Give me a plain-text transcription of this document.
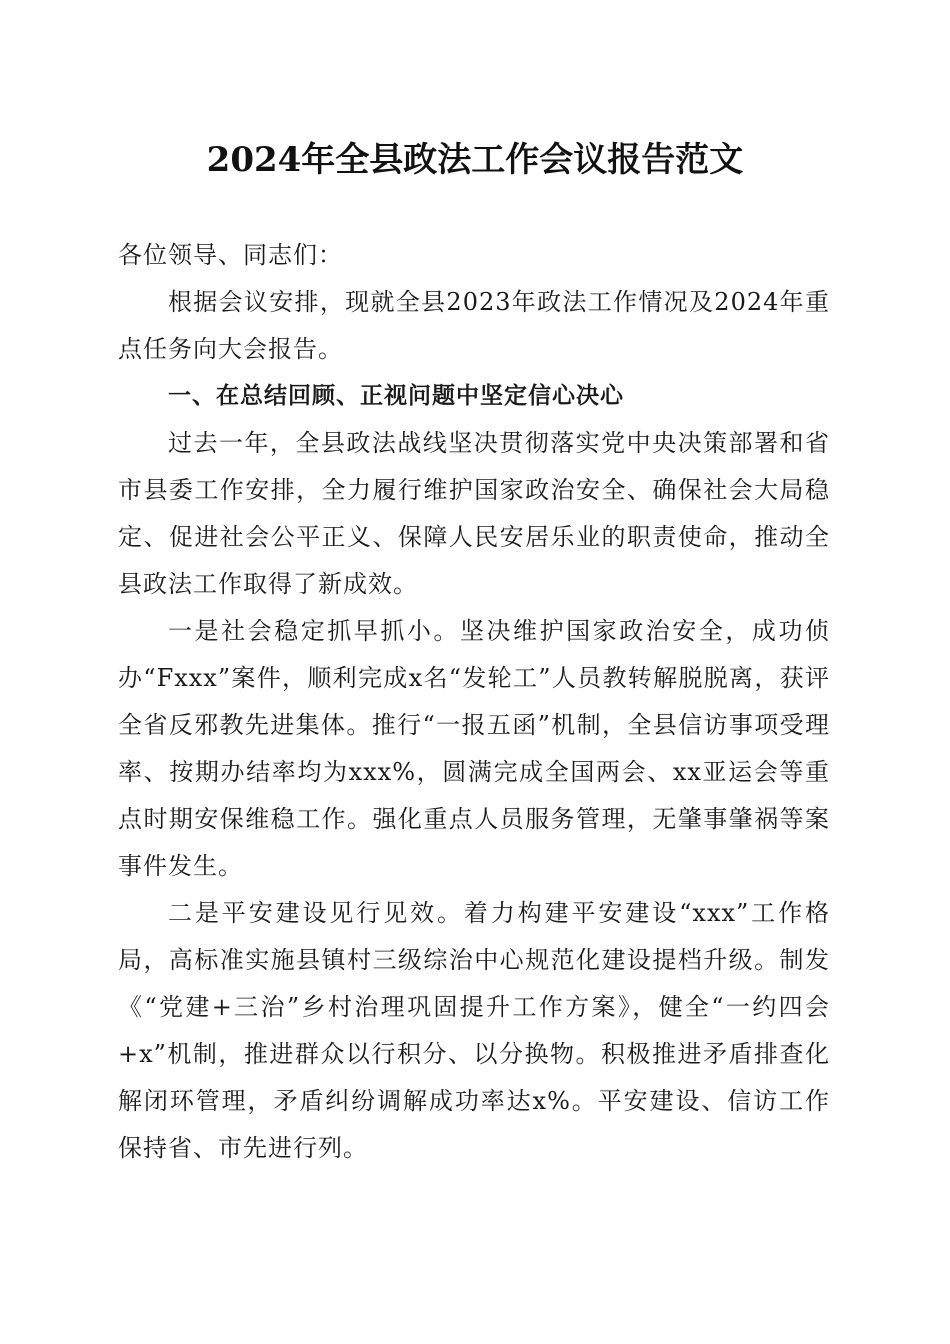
2024年全县政法工作会议报告范文

各位领导、同志们：

根据会议安排，现就全县2023年政法工作情况及2024年重点任务向大会报告。

一、在总结回顾、正视问题中坚定信心决心

过去一年，全县政法战线坚决贯彻落实党中央决策部署和省市县委工作安排，全力履行维护国家政治安全、确保社会大局稳定、促进社会公平正义、保障人民安居乐业的职责使命，推动全县政法工作取得了新成效。

一是社会稳定抓早抓小。坚决维护国家政治安全，成功侦办“Fxxx”案件，顺利完成x名“发轮工”人员教转解脱脱离，获评全省反邪教先进集体。推行“一报五函”机制，全县信访事项受理率、按期办结率均为xxx%，圆满完成全国两会、xx亚运会等重点时期安保维稳工作。强化重点人员服务管理，无肇事肇祸等案事件发生。

二是平安建设见行见效。着力构建平安建设“xxx”工作格局，高标准实施县镇村三级综治中心规范化建设提档升级。制发《“党建+三治”乡村治理巩固提升工作方案》，健全“一约四会+x”机制，推进群众以行积分、以分换物。积极推进矛盾排查化解闭环管理，矛盾纠纷调解成功率达x%。平安建设、信访工作保持省、市先进行列。
